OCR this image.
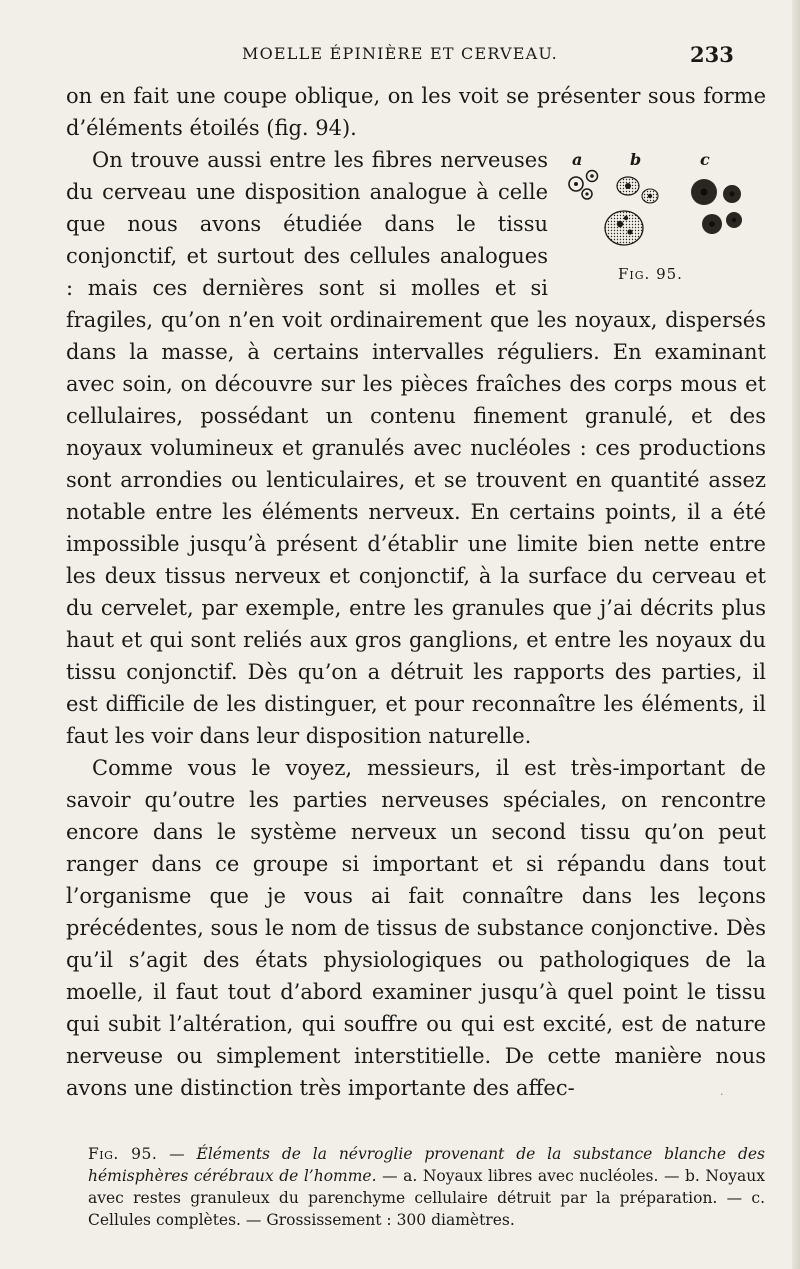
MOELLE ÉPINIÈRE ET CERVEAU.	233

on en fait une coupe oblique, on les voit se présenter sous forme d’éléments étoilés (fig. 94).

a	b	c
Fig. 95.

On trouve aussi entre les fibres nerveuses du cerveau une disposition analogue à celle que nous avons étudiée dans le tissu conjonctif, et surtout des cellules analogues : mais ces dernières sont si molles et si fragiles, qu’on n’en voit ordinairement que les noyaux, dispersés dans la masse, à certains intervalles réguliers. En examinant avec soin, on découvre sur les pièces fraîches des corps mous et cellulaires, possédant un contenu finement granulé, et des noyaux volumineux et granulés avec nucléoles : ces productions sont arrondies ou lenticulaires, et se trouvent en quantité assez notable entre les éléments nerveux. En certains points, il a été impossible jusqu’à présent d’établir une limite bien nette entre les deux tissus nerveux et conjonctif, à la surface du cerveau et du cervelet, par exemple, entre les granules que j’ai décrits plus haut et qui sont reliés aux gros ganglions, et entre les noyaux du tissu conjonctif. Dès qu’on a détruit les rapports des parties, il est difficile de les distinguer, et pour reconnaître les éléments, il faut les voir dans leur disposition naturelle.

Comme vous le voyez, messieurs, il est très-important de savoir qu’outre les parties nerveuses spéciales, on rencontre encore dans le système nerveux un second tissu qu’on peut ranger dans ce groupe si important et si répandu dans tout l’organisme que je vous ai fait connaître dans les leçons précédentes, sous le nom de tissus de substance conjonctive. Dès qu’il s’agit des états physiologiques ou pathologiques de la moelle, il faut tout d’abord examiner jusqu’à quel point le tissu qui subit l’altération, qui souffre ou qui est excité, est de nature nerveuse ou simplement interstitielle. De cette manière nous avons une distinction très importante des affec-	·
Fig. 95. — Éléments de la névroglie provenant de la substance blanche des hémisphères cérébraux de l’homme. — a. Noyaux libres avec nucléoles. — b. Noyaux avec restes granuleux du parenchyme cellulaire détruit par la préparation. — c. Cellules complètes. — Grossissement : 300 diamètres.
